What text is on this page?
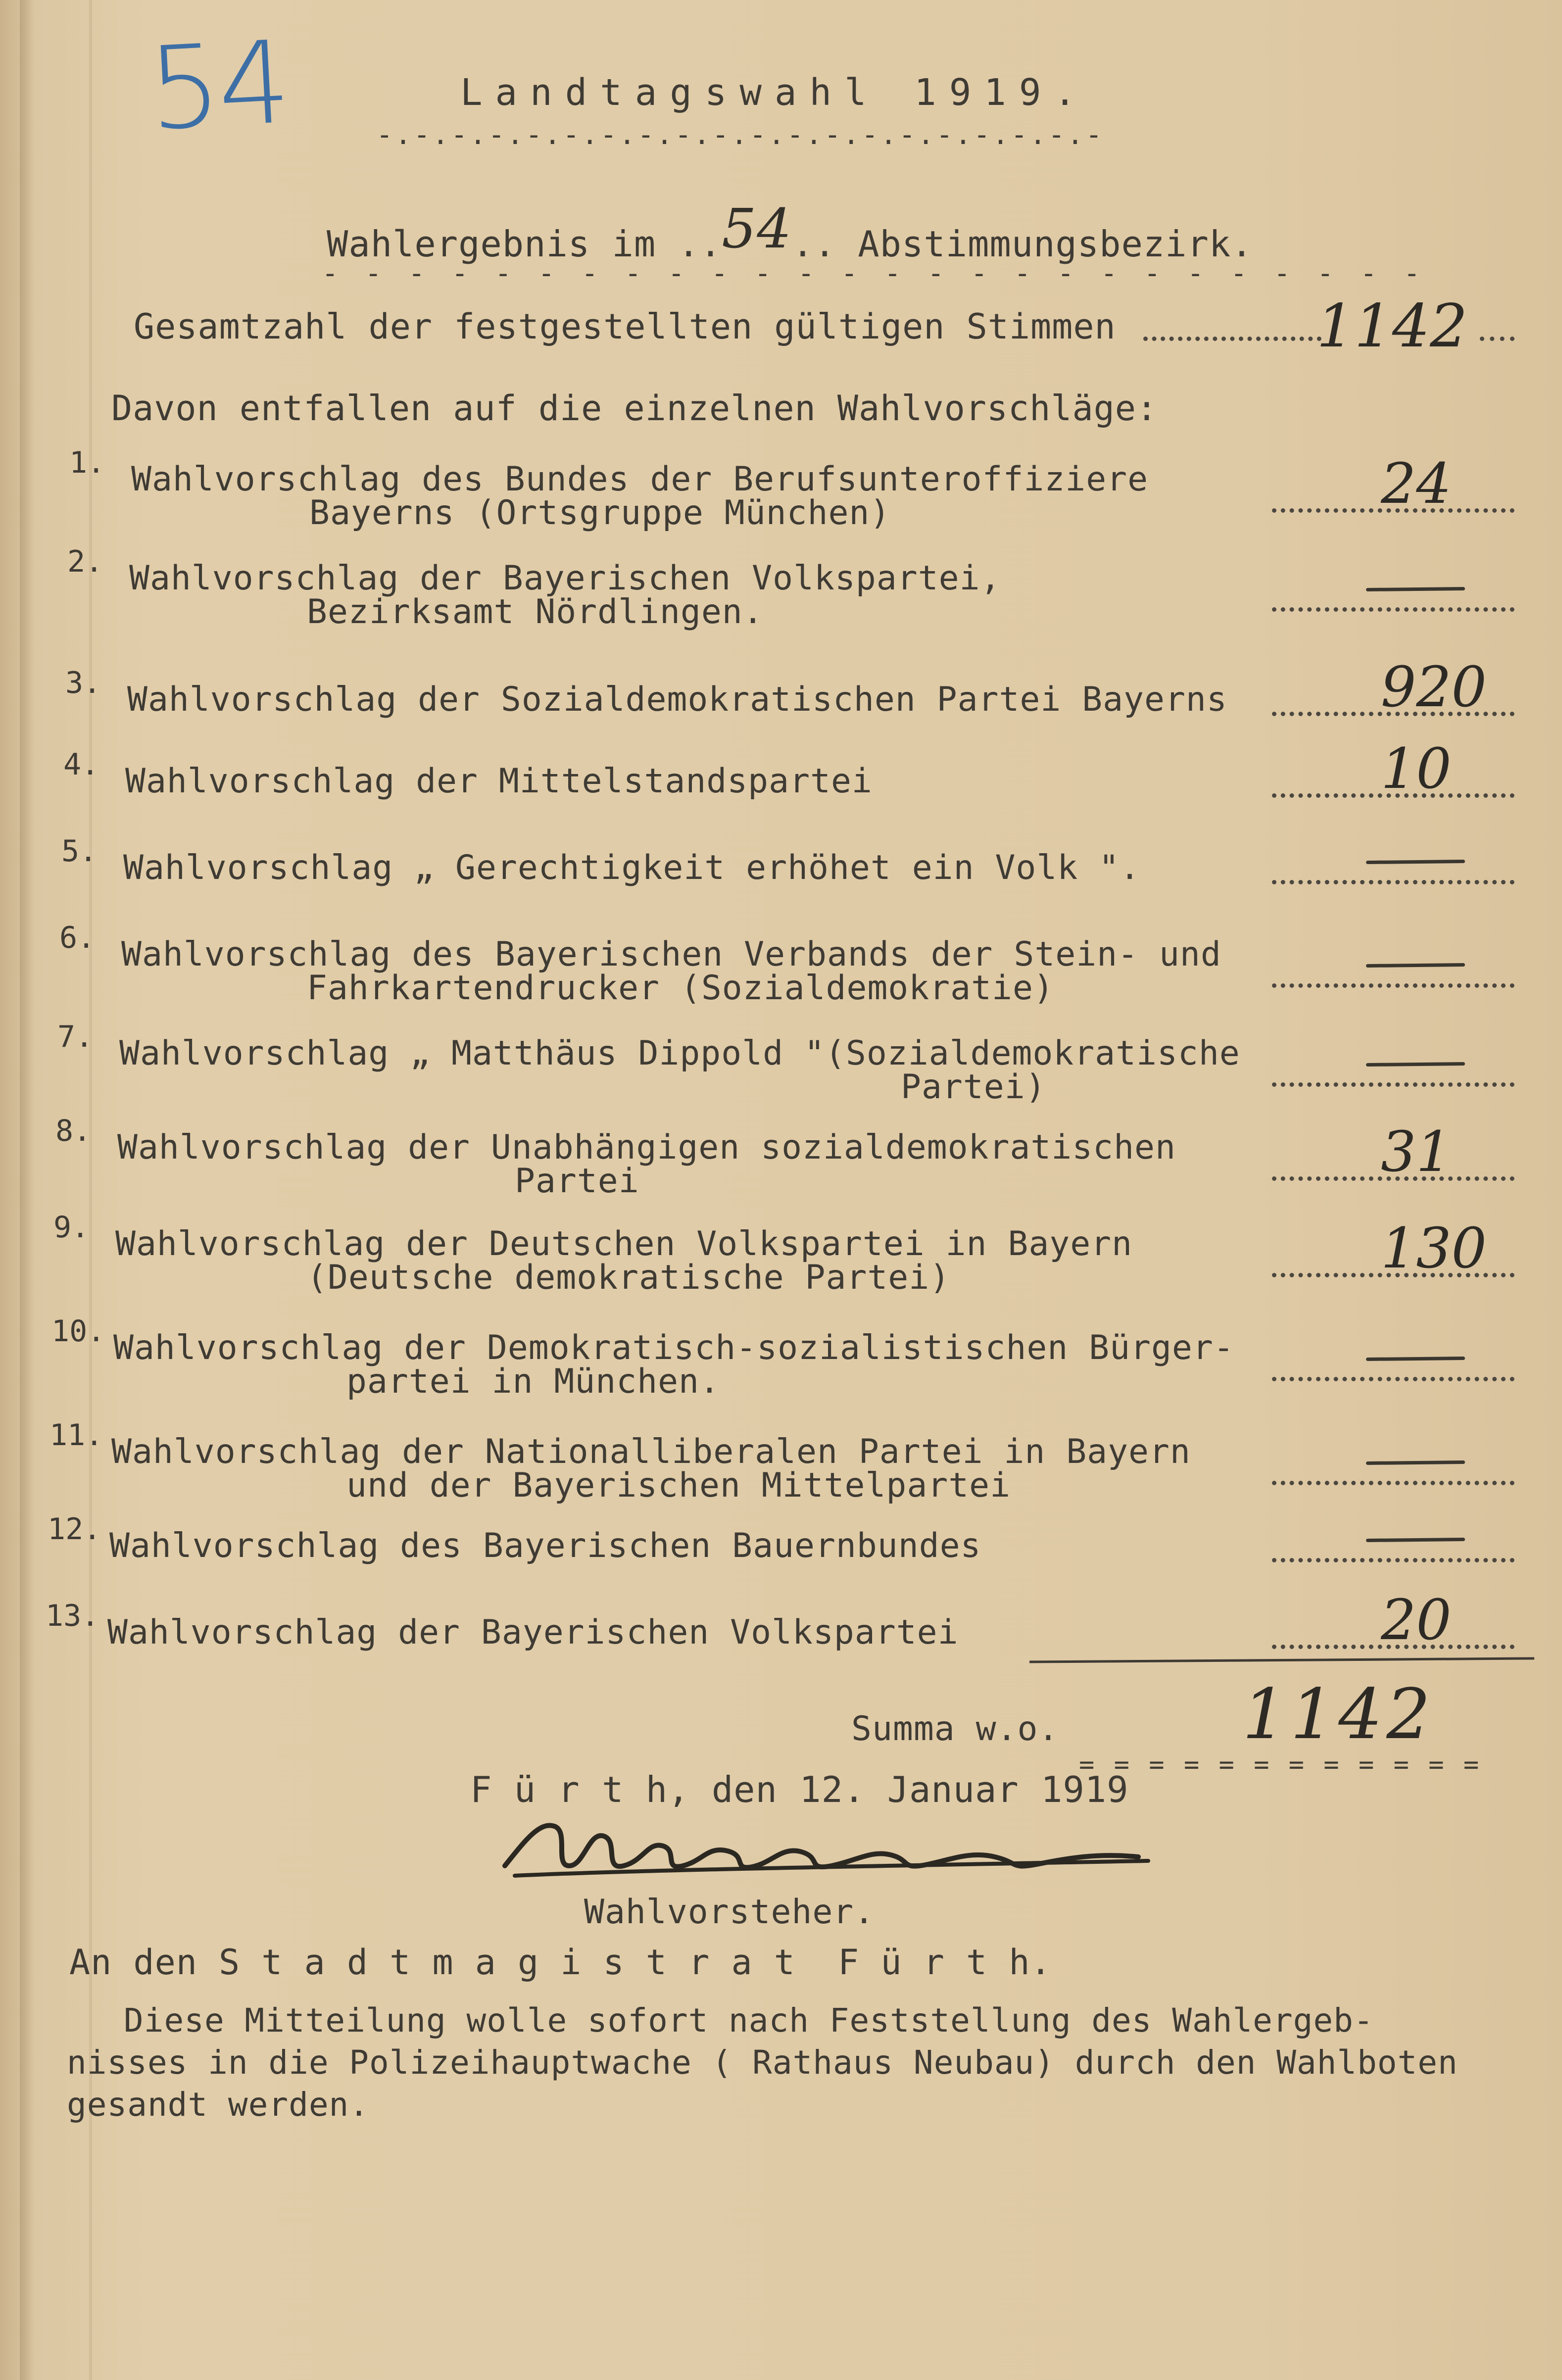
54	Landtagswahl 1919.
-.-.-.-.-.-.-.-.-.-.-.-.-.-.-.-.-.-.-.-
Wahlergebnis im ..54.. Abstimmungsbezirk.
- - - - - - - - - - - - - - - - - - - - - - - - - -
Gesamtzahl der festgestellten gültigen Stimmen	1142
Davon entfallen auf die einzelnen Wahlvorschläge:
1. Wahlvorschlag des Bundes der Berufsunteroffiziere
Bayerns (Ortsgruppe München)	24
2. Wahlvorschlag der Bayerischen Volkspartei,
Bezirksamt Nördlingen.
3. Wahlvorschlag der Sozialdemokratischen Partei Bayerns	920
4. Wahlvorschlag der Mittelstandspartei	10
5. Wahlvorschlag „ Gerechtigkeit erhöhet ein Volk ".
6. Wahlvorschlag des Bayerischen Verbands der Stein- und
Fahrkartendrucker (Sozialdemokratie)
7. Wahlvorschlag „ Matthäus Dippold "(Sozialdemokratische
Partei)
8. Wahlvorschlag der Unabhängigen sozialdemokratischen
Partei	31
9. Wahlvorschlag der Deutschen Volkspartei in Bayern
(Deutsche demokratische Partei)	130
10. Wahlvorschlag der Demokratisch-sozialistischen Bürger-
partei in München.
11. Wahlvorschlag der Nationalliberalen Partei in Bayern
und der Bayerischen Mittelpartei
12. Wahlvorschlag des Bayerischen Bauernbundes
13. Wahlvorschlag der Bayerischen Volkspartei	20
Summa w.o.	1142
= = = = = = = = = = = =
F ü r t h, den 12. Januar 1919
Wahlvorsteher.
An den S t a d t m a g i s t r a t  F ü r t h.
Diese Mitteilung wolle sofort nach Feststellung des Wahlergeb-
nisses in die Polizeihauptwache ( Rathaus Neubau) durch den Wahlboten
gesandt werden.
